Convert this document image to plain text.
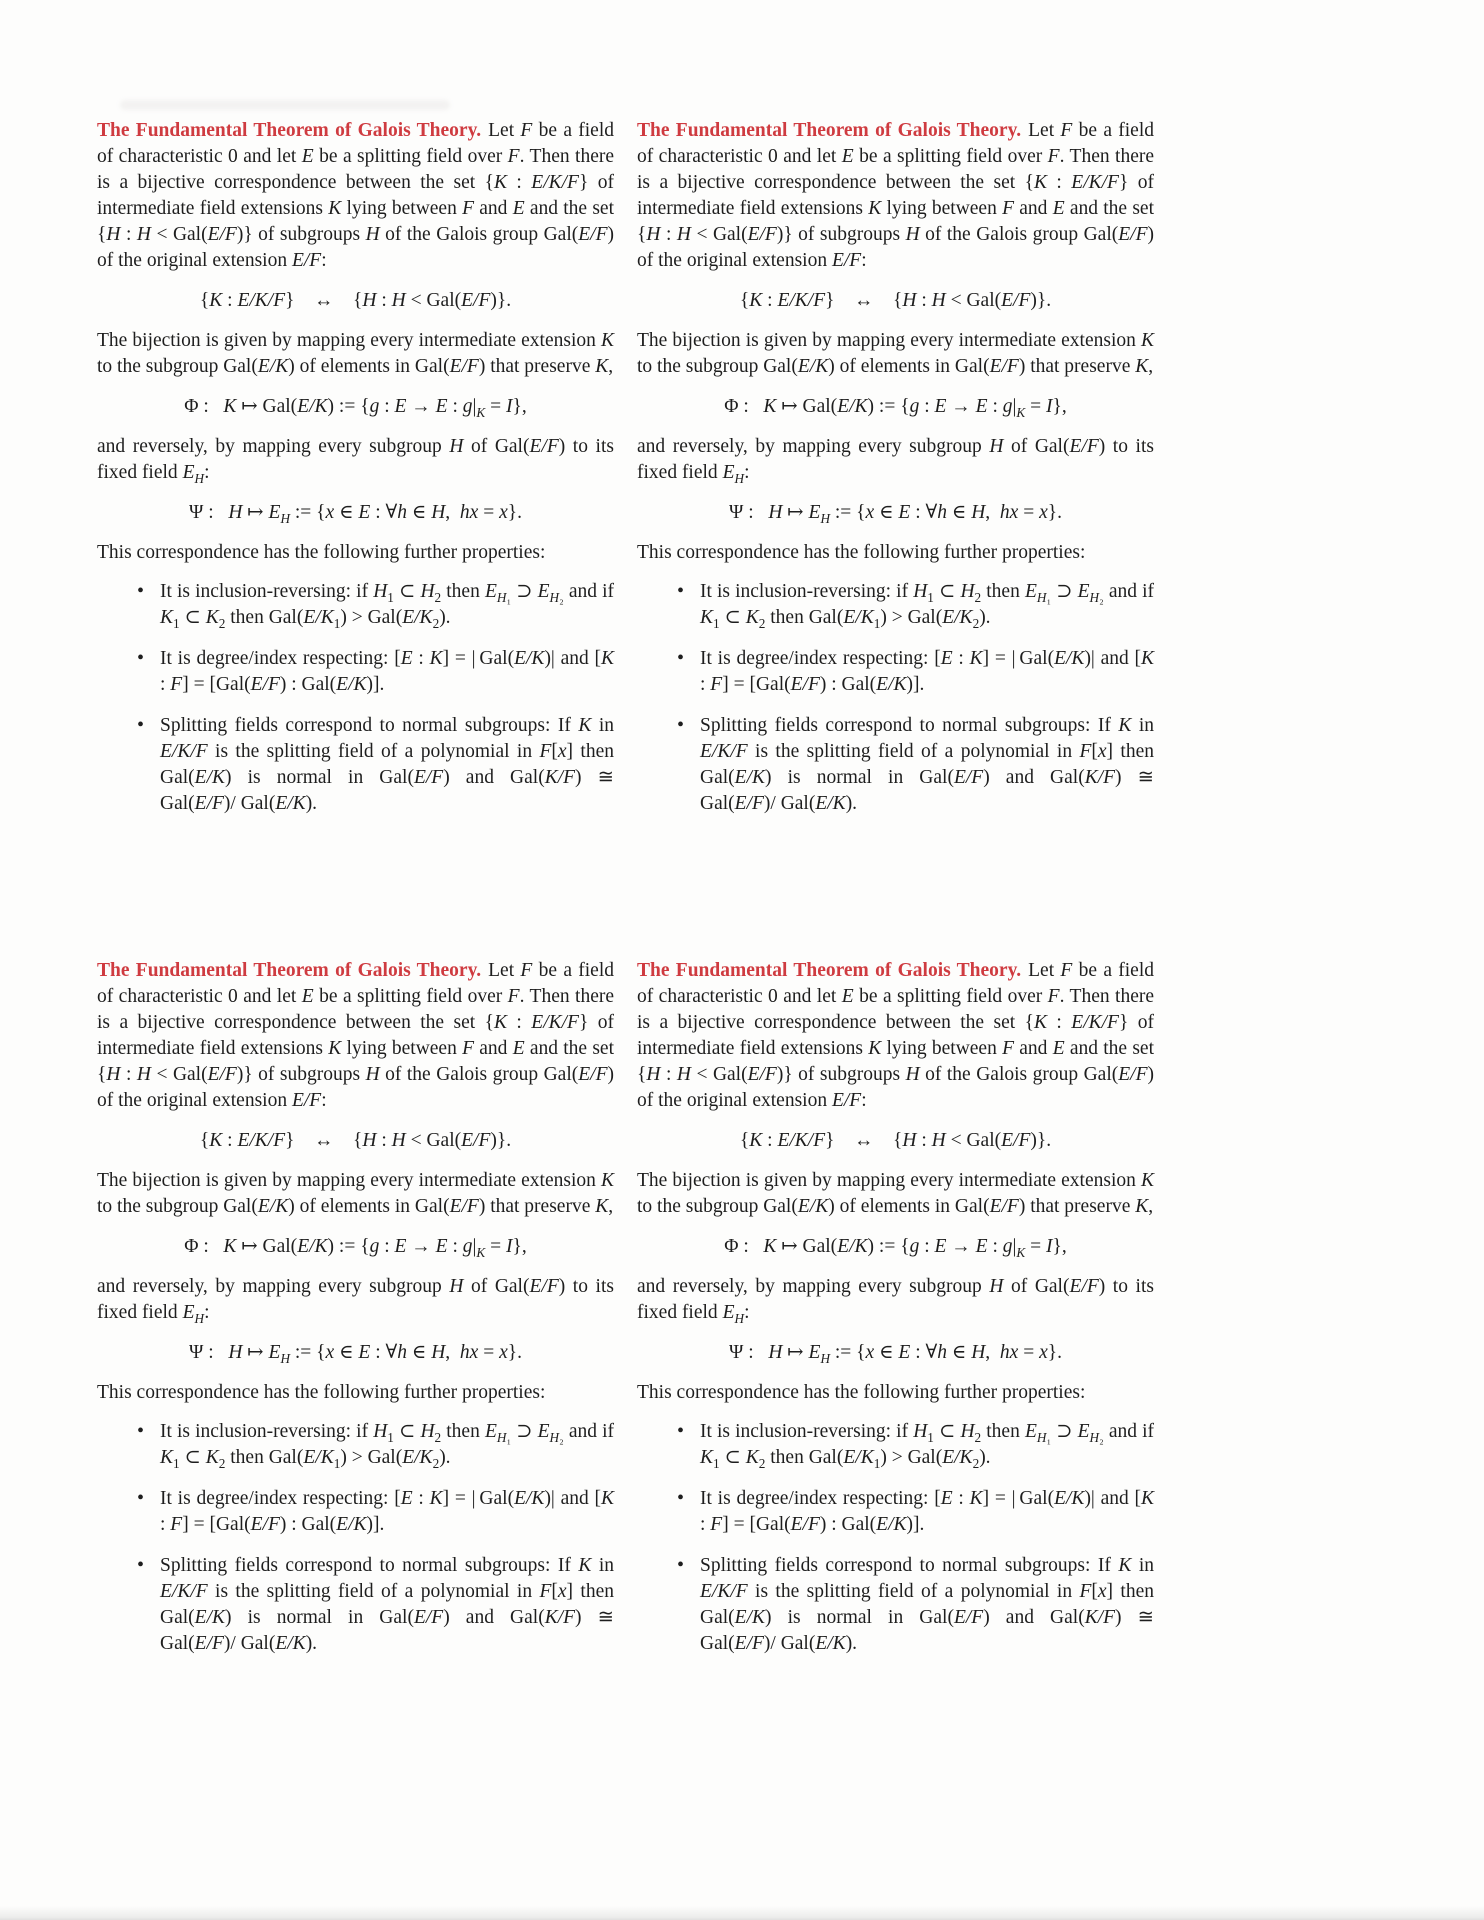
The Fundamental Theorem of Galois Theory. Let F be a field of characteristic 0 and let E be a splitting field over F. Then there is a bijective correspondence between the set {K : E/K/F} of intermediate field extensions K lying between F and E and the set {H : H < Gal(E/F)} of subgroups H of the Galois group Gal(E/F) of the original extension E/F:

{K : E/K/F} ↔ {H : H < Gal(E/F)}.

The bijection is given by mapping every intermediate extension K to the subgroup Gal(E/K) of elements in Gal(E/F) that preserve K,

Φ :  K ↦ Gal(E/K) := {g : E → E : $g|_K = I$},

and reversely, by mapping every subgroup H of Gal(E/F) to its fixed field $E_H$:

Ψ :  H ↦ $E_H$ := {x ∈ E : ∀h ∈ H, hx = x}.

This correspondence has the following further properties:

• It is inclusion-reversing: if $H_1$ ⊂ $H_2$ then $E_{H_1}$ ⊃ $E_{H_2}$ and if $K_1$ ⊂ $K_2$ then $Gal(E/K_1) > Gal(E/K_2)$.
• It is degree/index respecting: [E : K] = | Gal(E/K)| and [K : F] = [Gal(E/F) : Gal(E/K)].
• Splitting fields correspond to normal subgroups: If K in E/K/F is the splitting field of a polynomial in F[x] then Gal(E/K) is normal in Gal(E/F) and Gal(K/F) ≅ Gal(E/F)/ Gal(E/K).

The Fundamental Theorem of Galois Theory. Let F be a field of characteristic 0 and let E be a splitting field over F. Then there is a bijective correspondence between the set {K : E/K/F} of intermediate field extensions K lying between F and E and the set {H : H < Gal(E/F)} of subgroups H of the Galois group Gal(E/F) of the original extension E/F:

{K : E/K/F} ↔ {H : H < Gal(E/F)}.

The bijection is given by mapping every intermediate extension K to the subgroup Gal(E/K) of elements in Gal(E/F) that preserve K,

Φ :  K ↦ Gal(E/K) := {g : E → E : $g|_K = I$},

and reversely, by mapping every subgroup H of Gal(E/F) to its fixed field $E_H$:

Ψ :  H ↦ $E_H$ := {x ∈ E : ∀h ∈ H, hx = x}.

This correspondence has the following further properties:

• It is inclusion-reversing: if $H_1$ ⊂ $H_2$ then $E_{H_1}$ ⊃ $E_{H_2}$ and if $K_1$ ⊂ $K_2$ then $Gal(E/K_1) > Gal(E/K_2)$.
• It is degree/index respecting: [E : K] = | Gal(E/K)| and [K : F] = [Gal(E/F) : Gal(E/K)].
• Splitting fields correspond to normal subgroups: If K in E/K/F is the splitting field of a polynomial in F[x] then Gal(E/K) is normal in Gal(E/F) and Gal(K/F) ≅ Gal(E/F)/ Gal(E/K).

The Fundamental Theorem of Galois Theory. Let F be a field of characteristic 0 and let E be a splitting field over F. Then there is a bijective correspondence between the set {K : E/K/F} of intermediate field extensions K lying between F and E and the set {H : H < Gal(E/F)} of subgroups H of the Galois group Gal(E/F) of the original extension E/F:

{K : E/K/F} ↔ {H : H < Gal(E/F)}.

The bijection is given by mapping every intermediate extension K to the subgroup Gal(E/K) of elements in Gal(E/F) that preserve K,

Φ :  K ↦ Gal(E/K) := {g : E → E : $g|_K = I$},

and reversely, by mapping every subgroup H of Gal(E/F) to its fixed field $E_H$:

Ψ :  H ↦ $E_H$ := {x ∈ E : ∀h ∈ H, hx = x}.

This correspondence has the following further properties:

• It is inclusion-reversing: if $H_1$ ⊂ $H_2$ then $E_{H_1}$ ⊃ $E_{H_2}$ and if $K_1$ ⊂ $K_2$ then $Gal(E/K_1) > Gal(E/K_2)$.
• It is degree/index respecting: [E : K] = | Gal(E/K)| and [K : F] = [Gal(E/F) : Gal(E/K)].
• Splitting fields correspond to normal subgroups: If K in E/K/F is the splitting field of a polynomial in F[x] then Gal(E/K) is normal in Gal(E/F) and Gal(K/F) ≅ Gal(E/F)/ Gal(E/K).

The Fundamental Theorem of Galois Theory. Let F be a field of characteristic 0 and let E be a splitting field over F. Then there is a bijective correspondence between the set {K : E/K/F} of intermediate field extensions K lying between F and E and the set {H : H < Gal(E/F)} of subgroups H of the Galois group Gal(E/F) of the original extension E/F:

{K : E/K/F} ↔ {H : H < Gal(E/F)}.

The bijection is given by mapping every intermediate extension K to the subgroup Gal(E/K) of elements in Gal(E/F) that preserve K,

Φ :  K ↦ Gal(E/K) := {g : E → E : $g|_K = I$},

and reversely, by mapping every subgroup H of Gal(E/F) to its fixed field $E_H$:

Ψ :  H ↦ $E_H$ := {x ∈ E : ∀h ∈ H, hx = x}.

This correspondence has the following further properties:

• It is inclusion-reversing: if $H_1$ ⊂ $H_2$ then $E_{H_1}$ ⊃ $E_{H_2}$ and if $K_1$ ⊂ $K_2$ then $Gal(E/K_1) > Gal(E/K_2)$.
• It is degree/index respecting: [E : K] = | Gal(E/K)| and [K : F] = [Gal(E/F) : Gal(E/K)].
• Splitting fields correspond to normal subgroups: If K in E/K/F is the splitting field of a polynomial in F[x] then Gal(E/K) is normal in Gal(E/F) and Gal(K/F) ≅ Gal(E/F)/ Gal(E/K).
